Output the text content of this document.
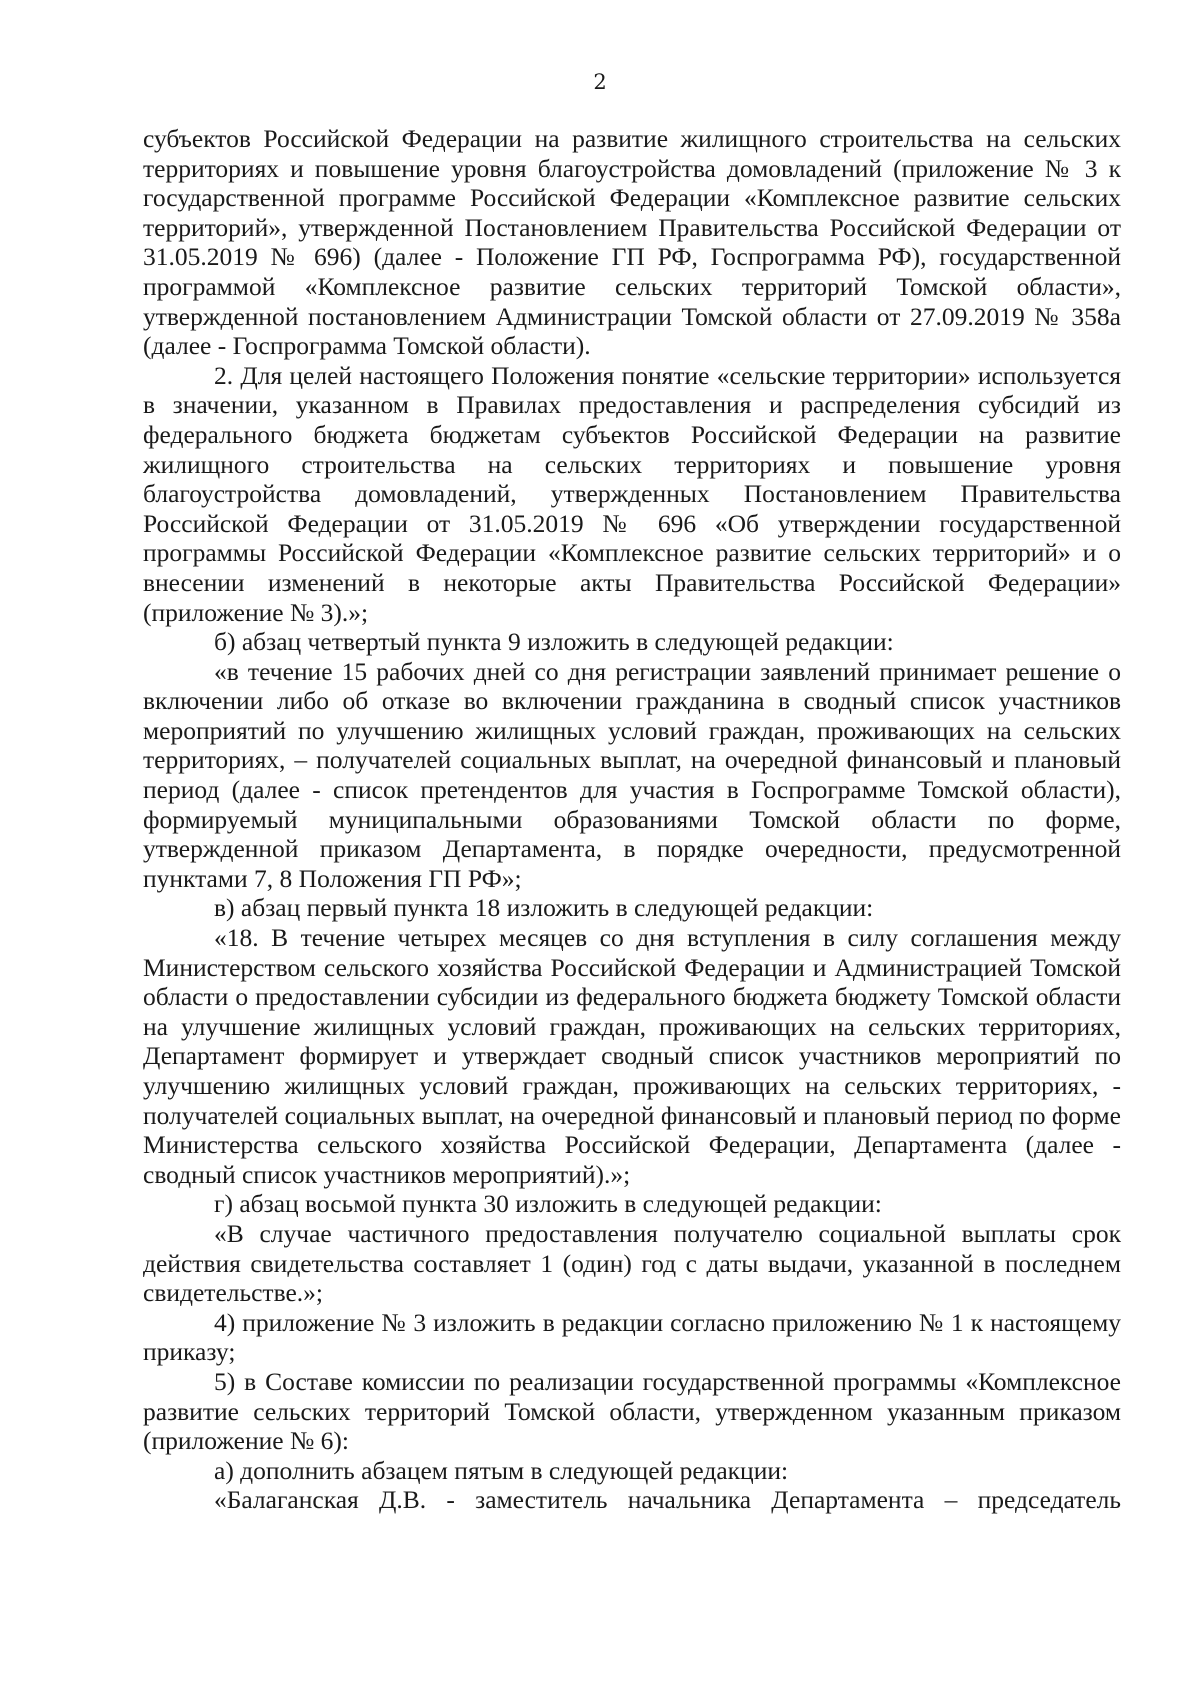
2

субъектов Российской Федерации на развитие жилищного строительства на сельских территориях и повышение уровня благоустройства домовладений (приложение № 3 к государственной программе Российской Федерации «Комплексное развитие сельских территорий», утвержденной Постановлением Правительства Российской Федерации от 31.05.2019 № 696) (далее - Положение ГП РФ, Госпрограмма РФ), государственной программой «Комплексное развитие сельских территорий Томской области», утвержденной постановлением Администрации Томской области от 27.09.2019 № 358а (далее - Госпрограмма Томской области).

2. Для целей настоящего Положения понятие «сельские территории» используется в значении, указанном в Правилах предоставления и распределения субсидий из федерального бюджета бюджетам субъектов Российской Федерации на развитие жилищного строительства на сельских территориях и повышение уровня благоустройства домовладений, утвержденных Постановлением Правительства Российской Федерации от 31.05.2019 № 696 «Об утверждении государственной программы Российской Федерации «Комплексное развитие сельских территорий» и о внесении изменений в некоторые акты Правительства Российской Федерации» (приложение № 3).»;

б) абзац четвертый пункта 9 изложить в следующей редакции:

«в течение 15 рабочих дней со дня регистрации заявлений принимает решение о включении либо об отказе во включении гражданина в сводный список участников мероприятий по улучшению жилищных условий граждан, проживающих на сельских территориях, – получателей социальных выплат, на очередной финансовый и плановый период (далее - список претендентов для участия в Госпрограмме Томской области), формируемый муниципальными образованиями Томской области по форме, утвержденной приказом Департамента, в порядке очередности, предусмотренной пунктами 7, 8 Положения ГП РФ»;

в) абзац первый пункта 18 изложить в следующей редакции:

«18. В течение четырех месяцев со дня вступления в силу соглашения между Министерством сельского хозяйства Российской Федерации и Администрацией Томской области о предоставлении субсидии из федерального бюджета бюджету Томской области на улучшение жилищных условий граждан, проживающих на сельских территориях, Департамент формирует и утверждает сводный список участников мероприятий по улучшению жилищных условий граждан, проживающих на сельских территориях, - получателей социальных выплат, на очередной финансовый и плановый период по форме Министерства сельского хозяйства Российской Федерации, Департамента (далее - сводный список участников мероприятий).»;

г) абзац восьмой пункта 30 изложить в следующей редакции:

«В случае частичного предоставления получателю социальной выплаты срок действия свидетельства составляет 1 (один) год с даты выдачи, указанной в последнем свидетельстве.»;

4) приложение № 3 изложить в редакции согласно приложению № 1 к настоящему приказу;

5) в Составе комиссии по реализации государственной программы «Комплексное развитие сельских территорий Томской области, утвержденном указанным приказом (приложение № 6):

а) дополнить абзацем пятым в следующей редакции:

«Балаганская Д.В. - заместитель начальника Департамента – председатель
